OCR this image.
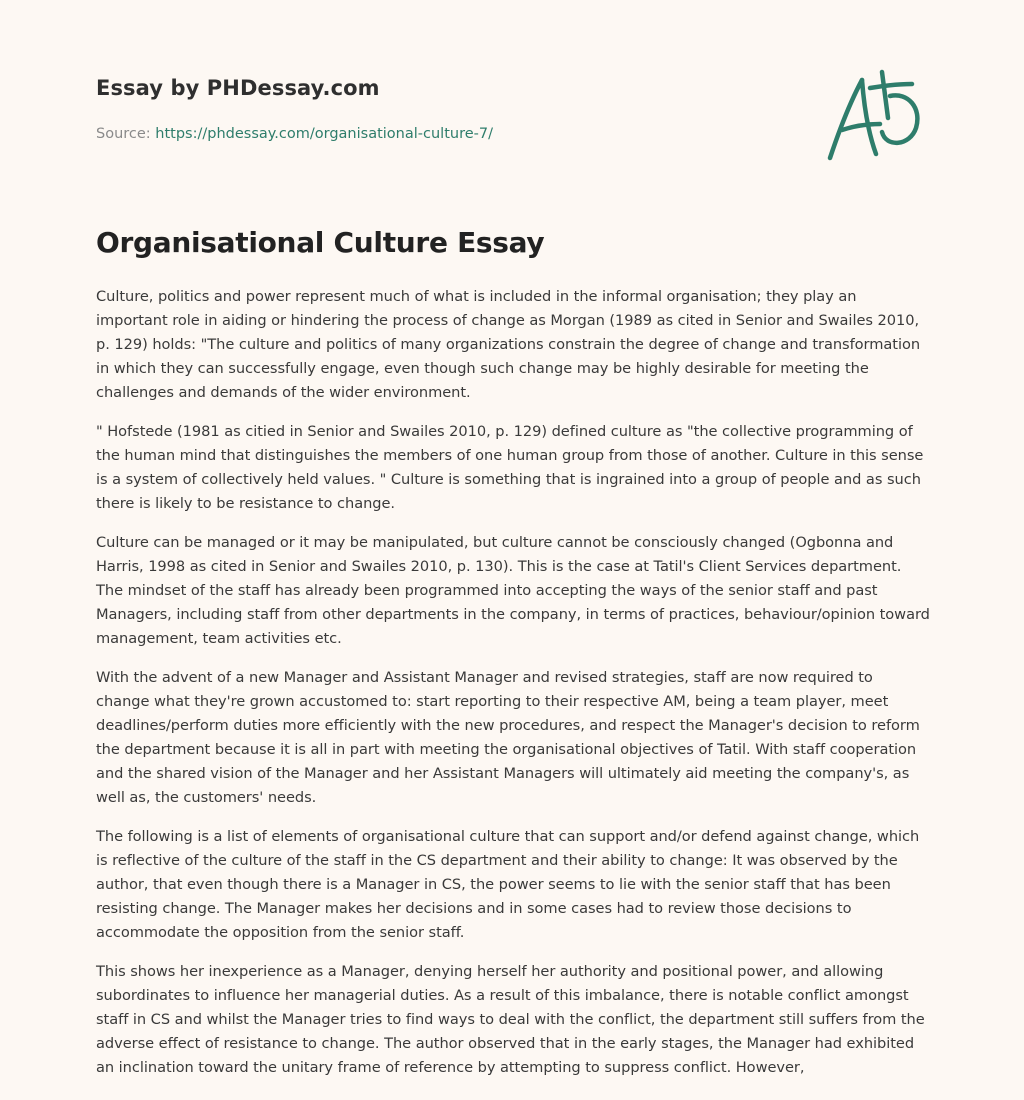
Essay by PHDessay.com
Source: https://phdessay.com/organisational-culture-7/
Organisational Culture Essay

Culture, politics and power represent much of what is included in the informal organisation; they play an important role in aiding or hindering the process of change as Morgan (1989 as cited in Senior and Swailes 2010, p. 129) holds: "The culture and politics of many organizations constrain the degree of change and transformation in which they can successfully engage, even though such change may be highly desirable for meeting the challenges and demands of the wider environment.

" Hofstede (1981 as citied in Senior and Swailes 2010, p. 129) defined culture as "the collective programming of the human mind that distinguishes the members of one human group from those of another. Culture in this sense is a system of collectively held values. " Culture is something that is ingrained into a group of people and as such there is likely to be resistance to change.

Culture can be managed or it may be manipulated, but culture cannot be consciously changed (Ogbonna and Harris, 1998 as cited in Senior and Swailes 2010, p. 130). This is the case at Tatil's Client Services department. The mindset of the staff has already been programmed into accepting the ways of the senior staff and past Managers, including staff from other departments in the company, in terms of practices, behaviour/opinion toward management, team activities etc.

With the advent of a new Manager and Assistant Manager and revised strategies, staff are now required to change what they're grown accustomed to: start reporting to their respective AM, being a team player, meet deadlines/perform duties more efficiently with the new procedures, and respect the Manager's decision to reform the department because it is all in part with meeting the organisational objectives of Tatil. With staff cooperation and the shared vision of the Manager and her Assistant Managers will ultimately aid meeting the company's, as well as, the customers' needs.

The following is a list of elements of organisational culture that can support and/or defend against change, which is reflective of the culture of the staff in the CS department and their ability to change: It was observed by the author, that even though there is a Manager in CS, the power seems to lie with the senior staff that has been resisting change. The Manager makes her decisions and in some cases had to review those decisions to accommodate the opposition from the senior staff.

This shows her inexperience as a Manager, denying herself her authority and positional power, and allowing subordinates to influence her managerial duties. As a result of this imbalance, there is notable conflict amongst staff in CS and whilst the Manager tries to find ways to deal with the conflict, the department still suffers from the adverse effect of resistance to change. The author observed that in the early stages, the Manager had exhibited an inclination toward the unitary frame of reference by attempting to suppress conflict. However,
